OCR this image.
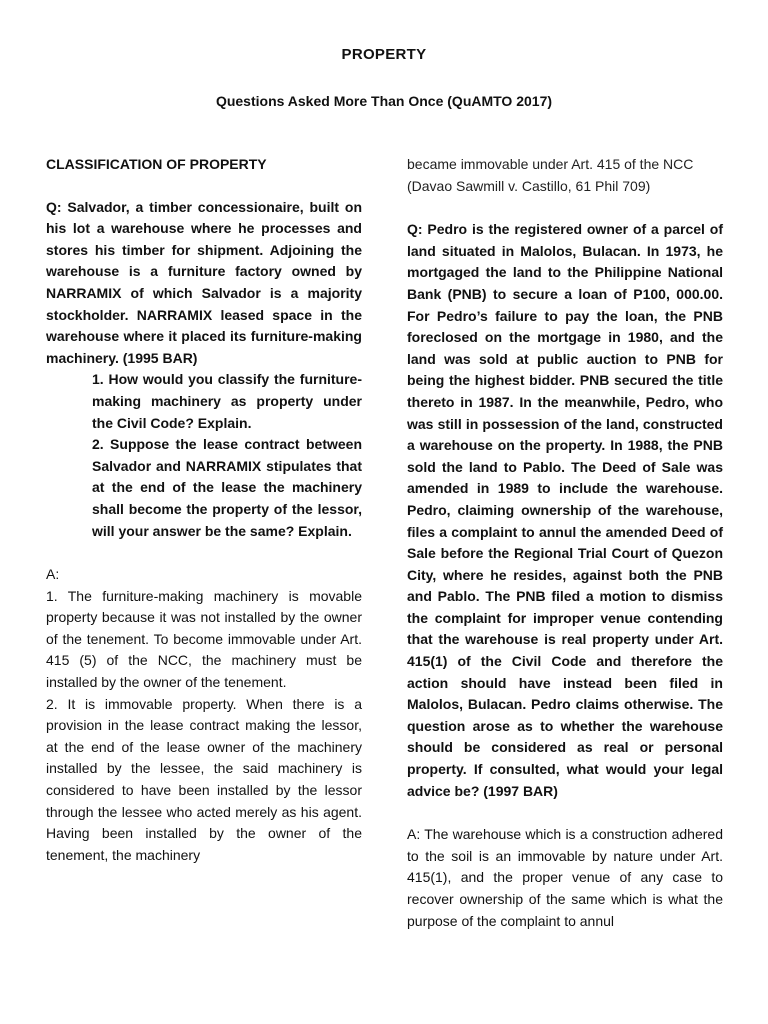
PROPERTY
Questions Asked More Than Once (QuAMTO 2017)

CLASSIFICATION OF PROPERTY

Q: Salvador, a timber concessionaire, built on his lot a warehouse where he processes and stores his timber for shipment. Adjoining the warehouse is a furniture factory owned by NARRAMIX of which Salvador is a majority stockholder. NARRAMIX leased space in the warehouse where it placed its furniture-making machinery. (1995 BAR)

1. How would you classify the furniture-making machinery as property under the Civil Code? Explain.

2. Suppose the lease contract between Salvador and NARRAMIX stipulates that at the end of the lease the machinery shall become the property of the lessor, will your answer be the same? Explain.

A:

1. The furniture-making machinery is movable property because it was not installed by the owner of the tenement. To become immovable under Art. 415 (5) of the NCC, the machinery must be installed by the owner of the tenement.

2. It is immovable property. When there is a provision in the lease contract making the lessor, at the end of the lease owner of the machinery installed by the lessee, the said machinery is considered to have been installed by the lessor through the lessee who acted merely as his agent. Having been installed by the owner of the tenement, the machinery

became immovable under Art. 415 of the NCC (Davao Sawmill v. Castillo, 61 Phil 709)

Q: Pedro is the registered owner of a parcel of land situated in Malolos, Bulacan. In 1973, he mortgaged the land to the Philippine National Bank (PNB) to secure a loan of P100, 000.00. For Pedro’s failure to pay the loan, the PNB foreclosed on the mortgage in 1980, and the land was sold at public auction to PNB for being the highest bidder. PNB secured the title thereto in 1987. In the meanwhile, Pedro, who was still in possession of the land, constructed a warehouse on the property. In 1988, the PNB sold the land to Pablo. The Deed of Sale was amended in 1989 to include the warehouse. Pedro, claiming ownership of the warehouse, files a complaint to annul the amended Deed of Sale before the Regional Trial Court of Quezon City, where he resides, against both the PNB and Pablo. The PNB filed a motion to dismiss the complaint for improper venue contending that the warehouse is real property under Art. 415(1) of the Civil Code and therefore the action should have instead been filed in Malolos, Bulacan. Pedro claims otherwise. The question arose as to whether the warehouse should be considered as real or personal property. If consulted, what would your legal advice be? (1997 BAR)

A: The warehouse which is a construction adhered to the soil is an immovable by nature under Art. 415(1), and the proper venue of any case to recover ownership of the same which is what the purpose of the complaint to annul
